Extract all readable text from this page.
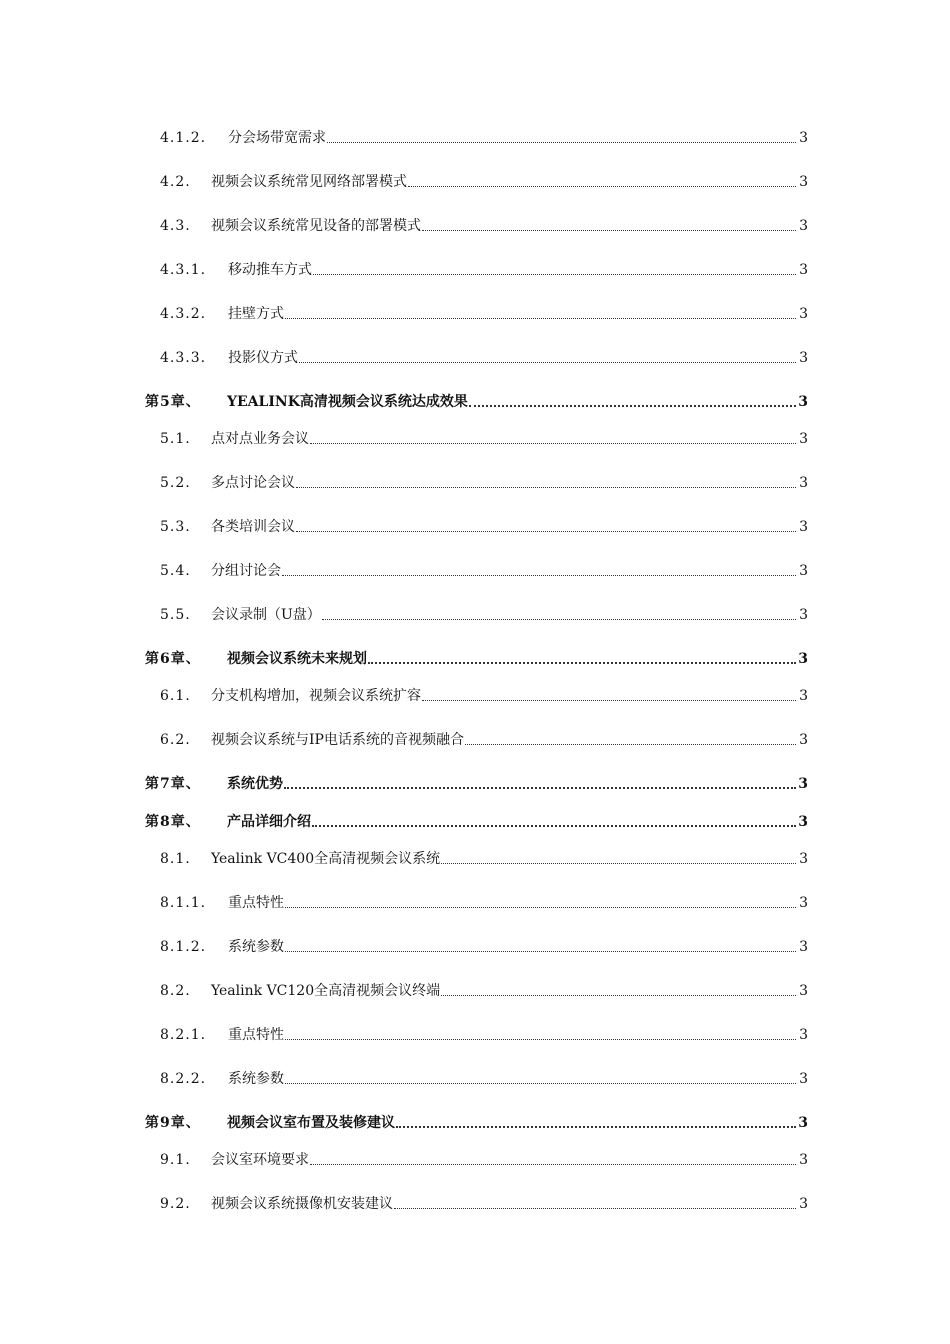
4.1.2.	分会场带宽需求	3
4.2.	视频会议系统常见网络部署模式	3
4.3.	视频会议系统常见设备的部署模式	3
4.3.1.	移动推车方式	3
4.3.2.	挂壁方式	3
4.3.3.	投影仪方式	3
第5章、	YEALINK高清视频会议系统达成效果	3
5.1.	点对点业务会议	3
5.2.	多点讨论会议	3
5.3.	各类培训会议	3
5.4.	分组讨论会	3
5.5.	会议录制（U盘）	3
第6章、	视频会议系统未来规划	3
6.1.	分支机构增加，视频会议系统扩容	3
6.2.	视频会议系统与IP电话系统的音视频融合	3
第7章、	系统优势	3
第8章、	产品详细介绍	3
8.1.	Yealink VC400全高清视频会议系统	3
8.1.1.	重点特性	3
8.1.2.	系统参数	3
8.2.	Yealink VC120全高清视频会议终端	3
8.2.1.	重点特性	3
8.2.2.	系统参数	3
第9章、	视频会议室布置及装修建议	3
9.1.	会议室环境要求	3
9.2.	视频会议系统摄像机安装建议	3
